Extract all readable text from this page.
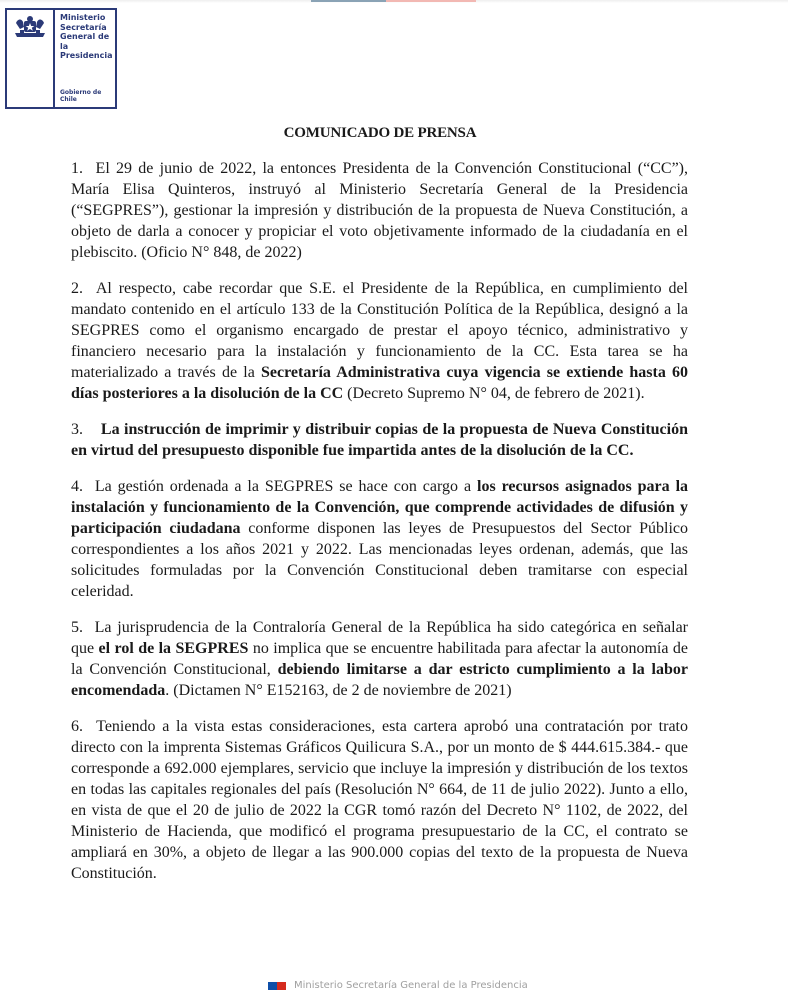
Ministerio
Secretaría
General de la
Presidencia
Gobierno de Chile
COMUNICADO DE PRENSA

1. El 29 de junio de 2022, la entonces Presidenta de la Convención Constitucional (“CC”), María Elisa Quinteros, instruyó al Ministerio Secretaría General de la Presidencia (“SEGPRES”), gestionar la impresión y distribución de la propuesta de Nueva Constitución, a objeto de darla a conocer y propiciar el voto objetivamente informado de la ciudadanía en el plebiscito. (Oficio N° 848, de 2022)

2. Al respecto, cabe recordar que S.E. el Presidente de la República, en cumplimiento del mandato contenido en el artículo 133 de la Constitución Política de la República, designó a la SEGPRES como el organismo encargado de prestar el apoyo técnico, administrativo y financiero necesario para la instalación y funcionamiento de la CC. Esta tarea se ha materializado a través de la Secretaría Administrativa cuya vigencia se extiende hasta 60 días posteriores a la disolución de la CC (Decreto Supremo N° 04, de febrero de 2021).

3. La instrucción de imprimir y distribuir copias de la propuesta de Nueva Constitución en virtud del presupuesto disponible fue impartida antes de la disolución de la CC.

4. La gestión ordenada a la SEGPRES se hace con cargo a los recursos asignados para la instalación y funcionamiento de la Convención, que comprende actividades de difusión y participación ciudadana conforme disponen las leyes de Presupuestos del Sector Público correspondientes a los años 2021 y 2022. Las mencionadas leyes ordenan, además, que las solicitudes formuladas por la Convención Constitucional deben tramitarse con especial celeridad.

5. La jurisprudencia de la Contraloría General de la República ha sido categórica en señalar que el rol de la SEGPRES no implica que se encuentre habilitada para afectar la autonomía de la Convención Constitucional, debiendo limitarse a dar estricto cumplimiento a la labor encomendada. (Dictamen N° E152163, de 2 de noviembre de 2021)

6. Teniendo a la vista estas consideraciones, esta cartera aprobó una contratación por trato directo con la imprenta Sistemas Gráficos Quilicura S.A., por un monto de $ 444.615.384.- que corresponde a 692.000 ejemplares, servicio que incluye la impresión y distribución de los textos en todas las capitales regionales del país (Resolución N° 664, de 11 de julio 2022). Junto a ello, en vista de que el 20 de julio de 2022 la CGR tomó razón del Decreto N° 1102, de 2022, del Ministerio de Hacienda, que modificó el programa presupuestario de la CC, el contrato se ampliará en 30%, a objeto de llegar a las 900.000 copias del texto de la propuesta de Nueva Constitución.

Ministerio Secretaría General de la Presidencia
